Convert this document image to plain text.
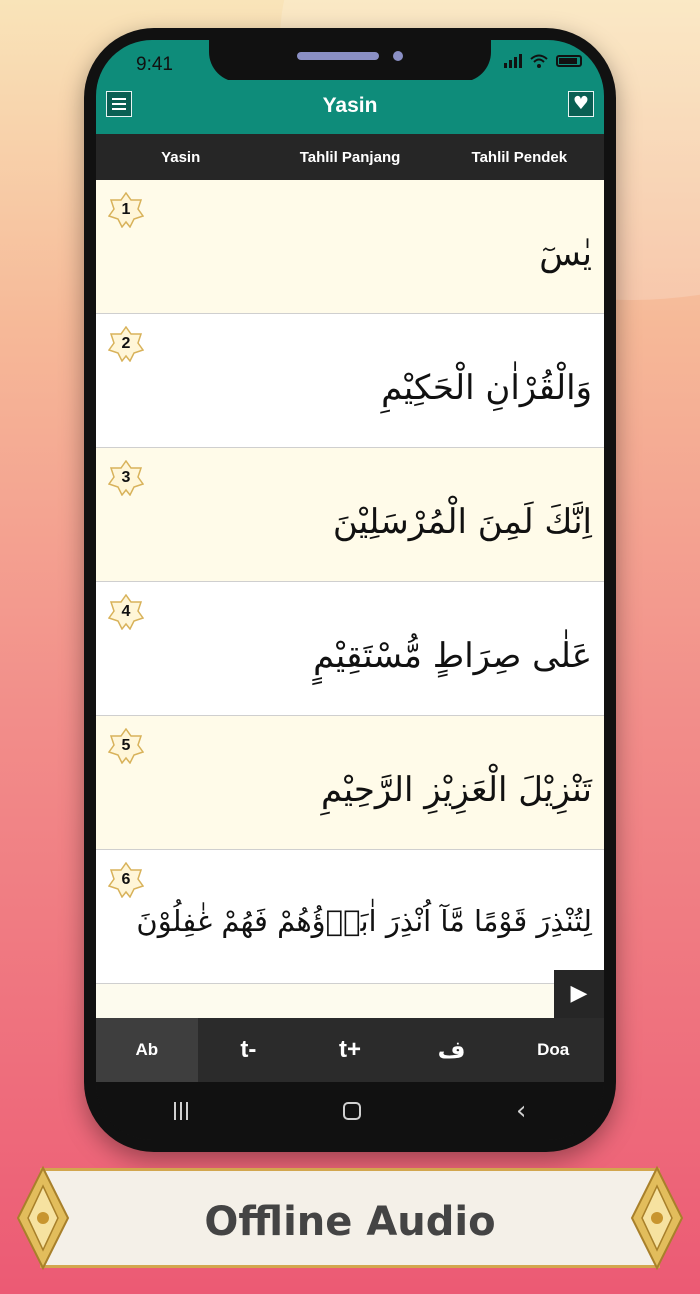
9:41
Yasin	♥
Yasin	Tahlil Panjang	Tahlil Pendek
1
يٰسٓ
2
وَالْقُرْاٰنِ الْحَكِيْمِ
3
اِنَّكَ لَمِنَ الْمُرْسَلِيْنَ
4
عَلٰى صِرَاطٍ مُّسْتَقِيْمٍ
5
تَنْزِيْلَ الْعَزِيْزِ الرَّحِيْمِ
6
لِتُنْذِرَ قَوْمًا مَّآ اُنْذِرَ اٰبَاۤؤُهُمْ فَهُمْ غٰفِلُوْنَ
▶
Ab	t-	t+	ف	Doa
‹
Offline Audio
